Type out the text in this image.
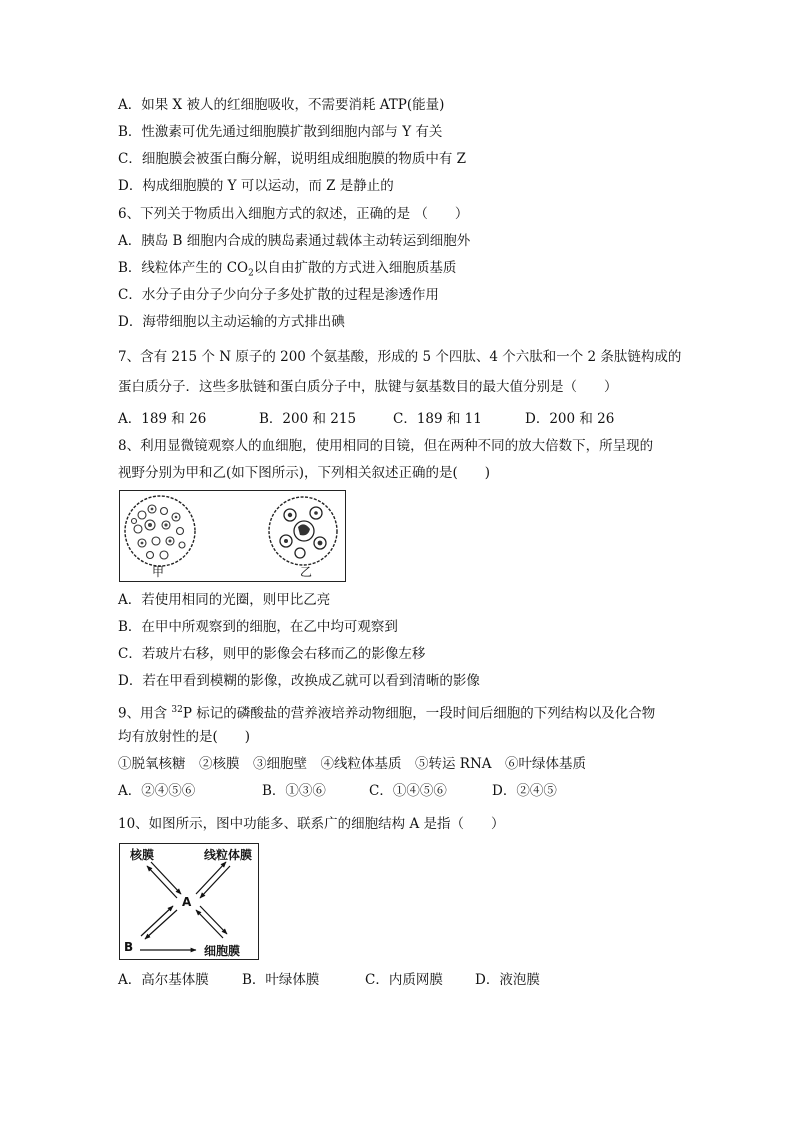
A．如果 X 被人的红细胞吸收，不需要消耗 ATP(能量)
B．性激素可优先通过细胞膜扩散到细胞内部与 Y 有关
C．细胞膜会被蛋白酶分解，说明组成细胞膜的物质中有 Z
D．构成细胞膜的 Y 可以运动，而 Z 是静止的
6、下列关于物质出入细胞方式的叙述，正确的是 （　　）
A．胰岛 B 细胞内合成的胰岛素通过载体主动转运到细胞外
B．线粒体产生的 $CO_2$以自由扩散的方式进入细胞质基质
C．水分子由分子少向分子多处扩散的过程是渗透作用
D．海带细胞以主动运输的方式排出碘
7、含有 215 个 N 原子的 200 个氨基酸，形成的 5 个四肽、4 个六肽和一个 2 条肽链构成的
蛋白质分子．这些多肽链和蛋白质分子中，肽键与氨基数目的最大值分别是（　　）
A．189 和 26	B．200 和 215	C．189 和 11	D．200 和 26
8、利用显微镜观察人的血细胞，使用相同的目镜，但在两种不同的放大倍数下，所呈现的
视野分别为甲和乙(如下图所示)，下列相关叙述正确的是(　　)
甲	乙
A．若使用相同的光圈，则甲比乙亮
B．在甲中所观察到的细胞，在乙中均可观察到
C．若玻片右移，则甲的影像会右移而乙的影像左移
D．若在甲看到模糊的影像，改换成乙就可以看到清晰的影像
9、用含 $^{32}$P 标记的磷酸盐的营养液培养动物细胞，一段时间后细胞的下列结构以及化合物
均有放射性的是(　　)
①脱氧核糖　②核膜　③细胞壁　④线粒体基质　⑤转运 RNA　⑥叶绿体基质
A．②④⑤⑥	B．①③⑥	C．①④⑤⑥	D．②④⑤
10、如图所示，图中功能多、联系广的细胞结构 A 是指（　　）
核膜	线粒体膜
A
B	细胞膜
A．高尔基体膜 B．叶绿体膜	C．内质网膜 D．液泡膜
